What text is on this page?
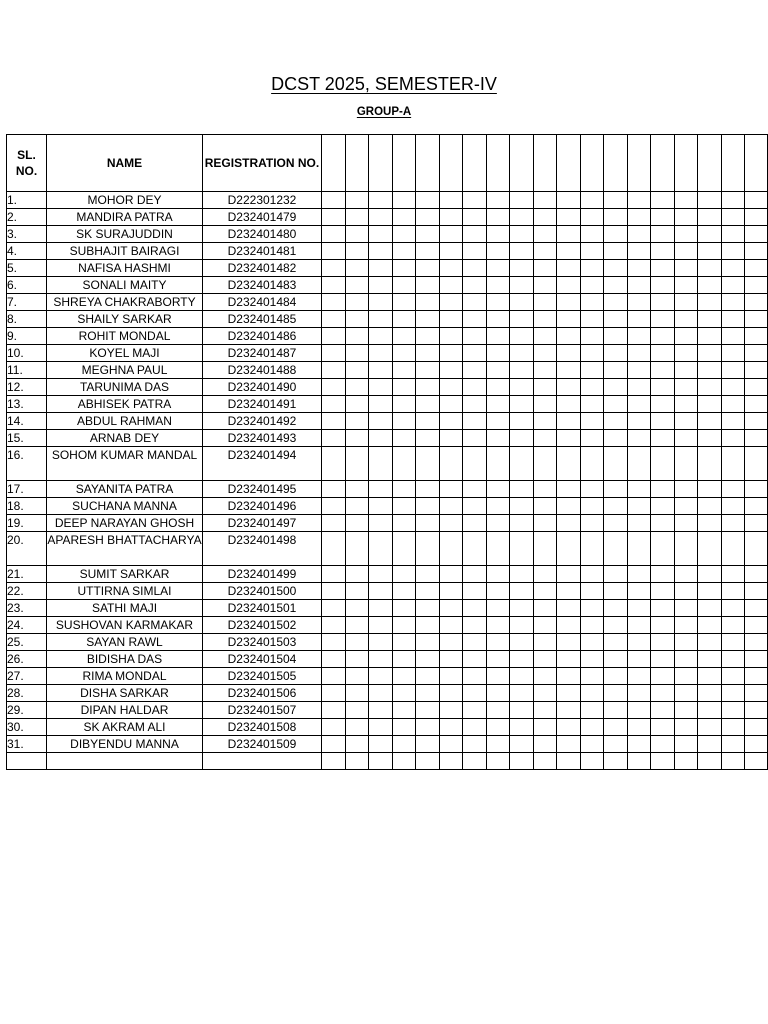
DCST 2025, SEMESTER-IV
GROUP-A
SL. NO.	NAME	REGISTRATION NO.																			
1.	MOHOR DEY	D222301232																			
2.	MANDIRA PATRA	D232401479																			
3.	SK SURAJUDDIN	D232401480																			
4.	SUBHAJIT BAIRAGI	D232401481																			
5.	NAFISA HASHMI	D232401482																			
6.	SONALI MAITY	D232401483																			
7.	SHREYA CHAKRABORTY	D232401484																			
8.	SHAILY SARKAR	D232401485																			
9.	ROHIT MONDAL	D232401486																			
10.	KOYEL MAJI	D232401487																			
11.	MEGHNA PAUL	D232401488																			
12.	TARUNIMA DAS	D232401490																			
13.	ABHISEK PATRA	D232401491																			
14.	ABDUL RAHMAN	D232401492																			
15.	ARNAB DEY	D232401493																			
16.	SOHOM KUMAR MANDAL	D232401494																			
17.	SAYANITA PATRA	D232401495																			
18.	SUCHANA MANNA	D232401496																			
19.	DEEP NARAYAN GHOSH	D232401497																			
20.	APARESH BHATTACHARYA	D232401498																			
21.	SUMIT SARKAR	D232401499																			
22.	UTTIRNA SIMLAI	D232401500																			
23.	SATHI MAJI	D232401501																			
24.	SUSHOVAN KARMAKAR	D232401502																			
25.	SAYAN RAWL	D232401503																			
26.	BIDISHA DAS	D232401504																			
27.	RIMA MONDAL	D232401505																			
28.	DISHA SARKAR	D232401506																			
29.	DIPAN HALDAR	D232401507																			
30.	SK AKRAM ALI	D232401508																			
31.	DIBYENDU MANNA	D232401509																			
